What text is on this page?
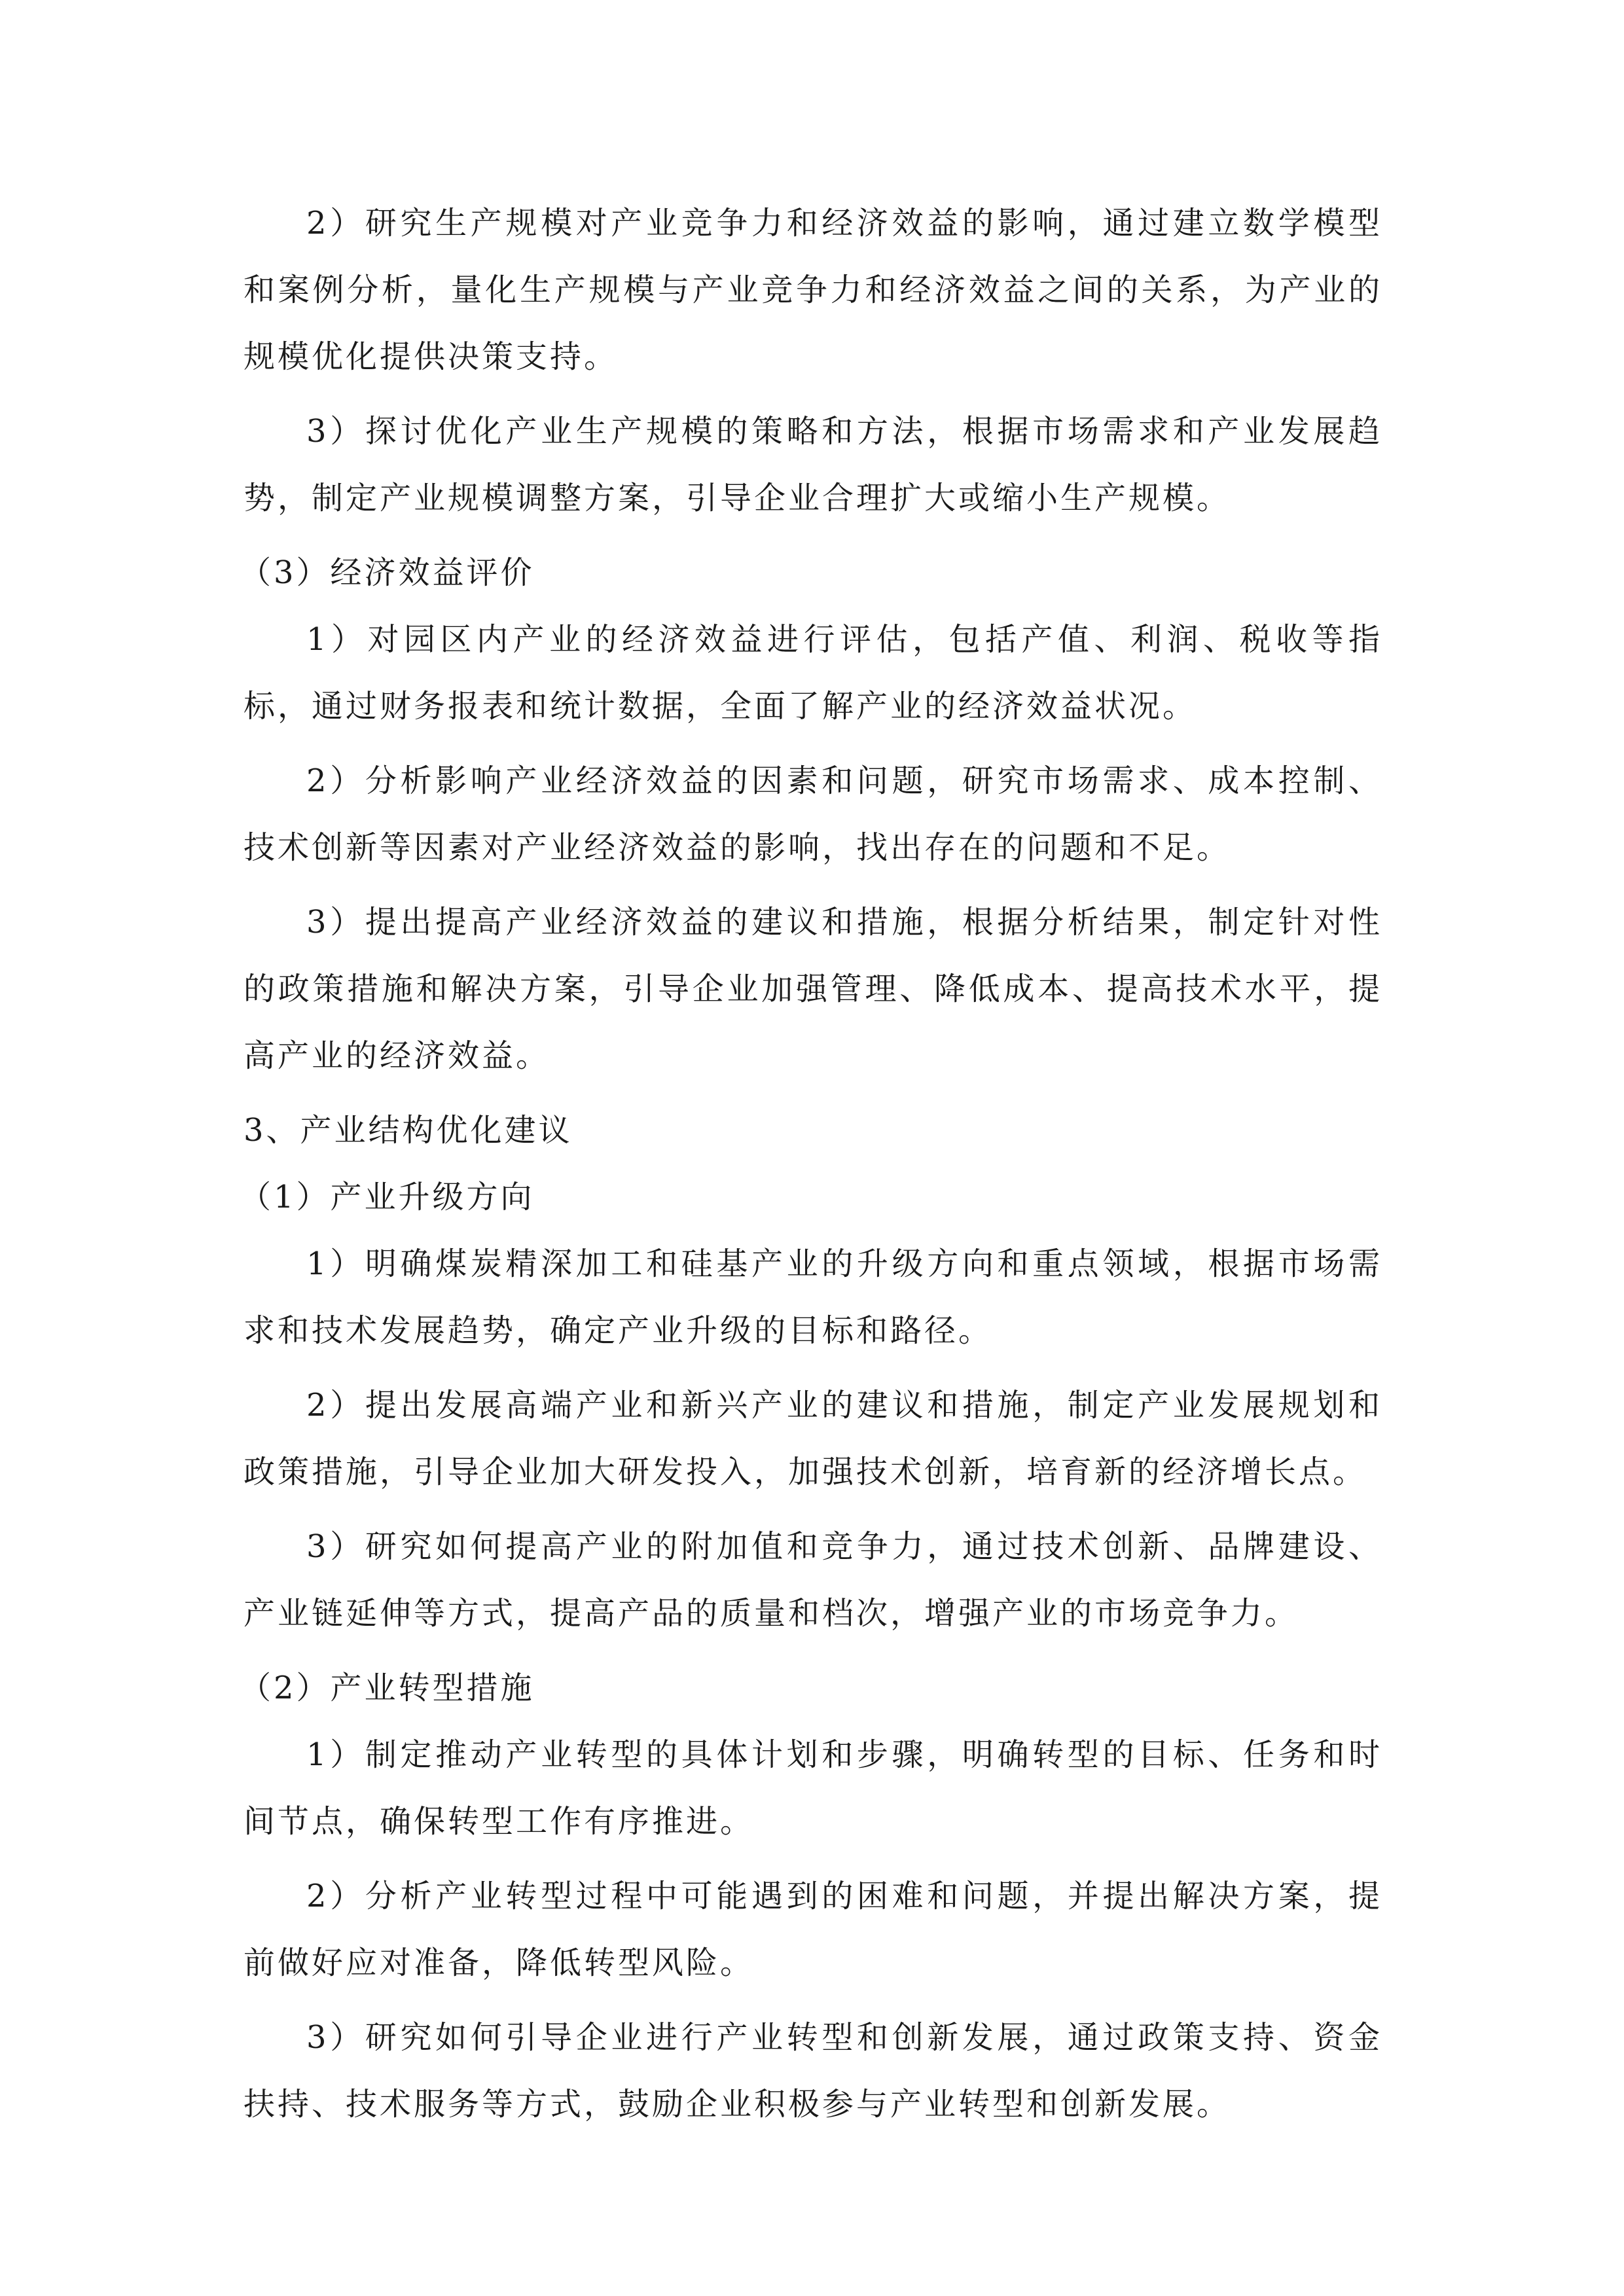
2）研究生产规模对产业竞争力和经济效益的影响，通过建立数学模型和案例分析，量化生产规模与产业竞争力和经济效益之间的关系，为产业的规模优化提供决策支持。

3）探讨优化产业生产规模的策略和方法，根据市场需求和产业发展趋势，制定产业规模调整方案，引导企业合理扩大或缩小生产规模。

（3）经济效益评价

1）对园区内产业的经济效益进行评估，包括产值、利润、税收等指标，通过财务报表和统计数据，全面了解产业的经济效益状况。

2）分析影响产业经济效益的因素和问题，研究市场需求、成本控制、技术创新等因素对产业经济效益的影响，找出存在的问题和不足。

3）提出提高产业经济效益的建议和措施，根据分析结果，制定针对性的政策措施和解决方案，引导企业加强管理、降低成本、提高技术水平，提高产业的经济效益。

3、产业结构优化建议

（1）产业升级方向

1）明确煤炭精深加工和硅基产业的升级方向和重点领域，根据市场需求和技术发展趋势，确定产业升级的目标和路径。

2）提出发展高端产业和新兴产业的建议和措施，制定产业发展规划和政策措施，引导企业加大研发投入，加强技术创新，培育新的经济增长点。

3）研究如何提高产业的附加值和竞争力，通过技术创新、品牌建设、产业链延伸等方式，提高产品的质量和档次，增强产业的市场竞争力。

（2）产业转型措施

1）制定推动产业转型的具体计划和步骤，明确转型的目标、任务和时间节点，确保转型工作有序推进。

2）分析产业转型过程中可能遇到的困难和问题，并提出解决方案，提前做好应对准备，降低转型风险。

3）研究如何引导企业进行产业转型和创新发展，通过政策支持、资金扶持、技术服务等方式，鼓励企业积极参与产业转型和创新发展。
